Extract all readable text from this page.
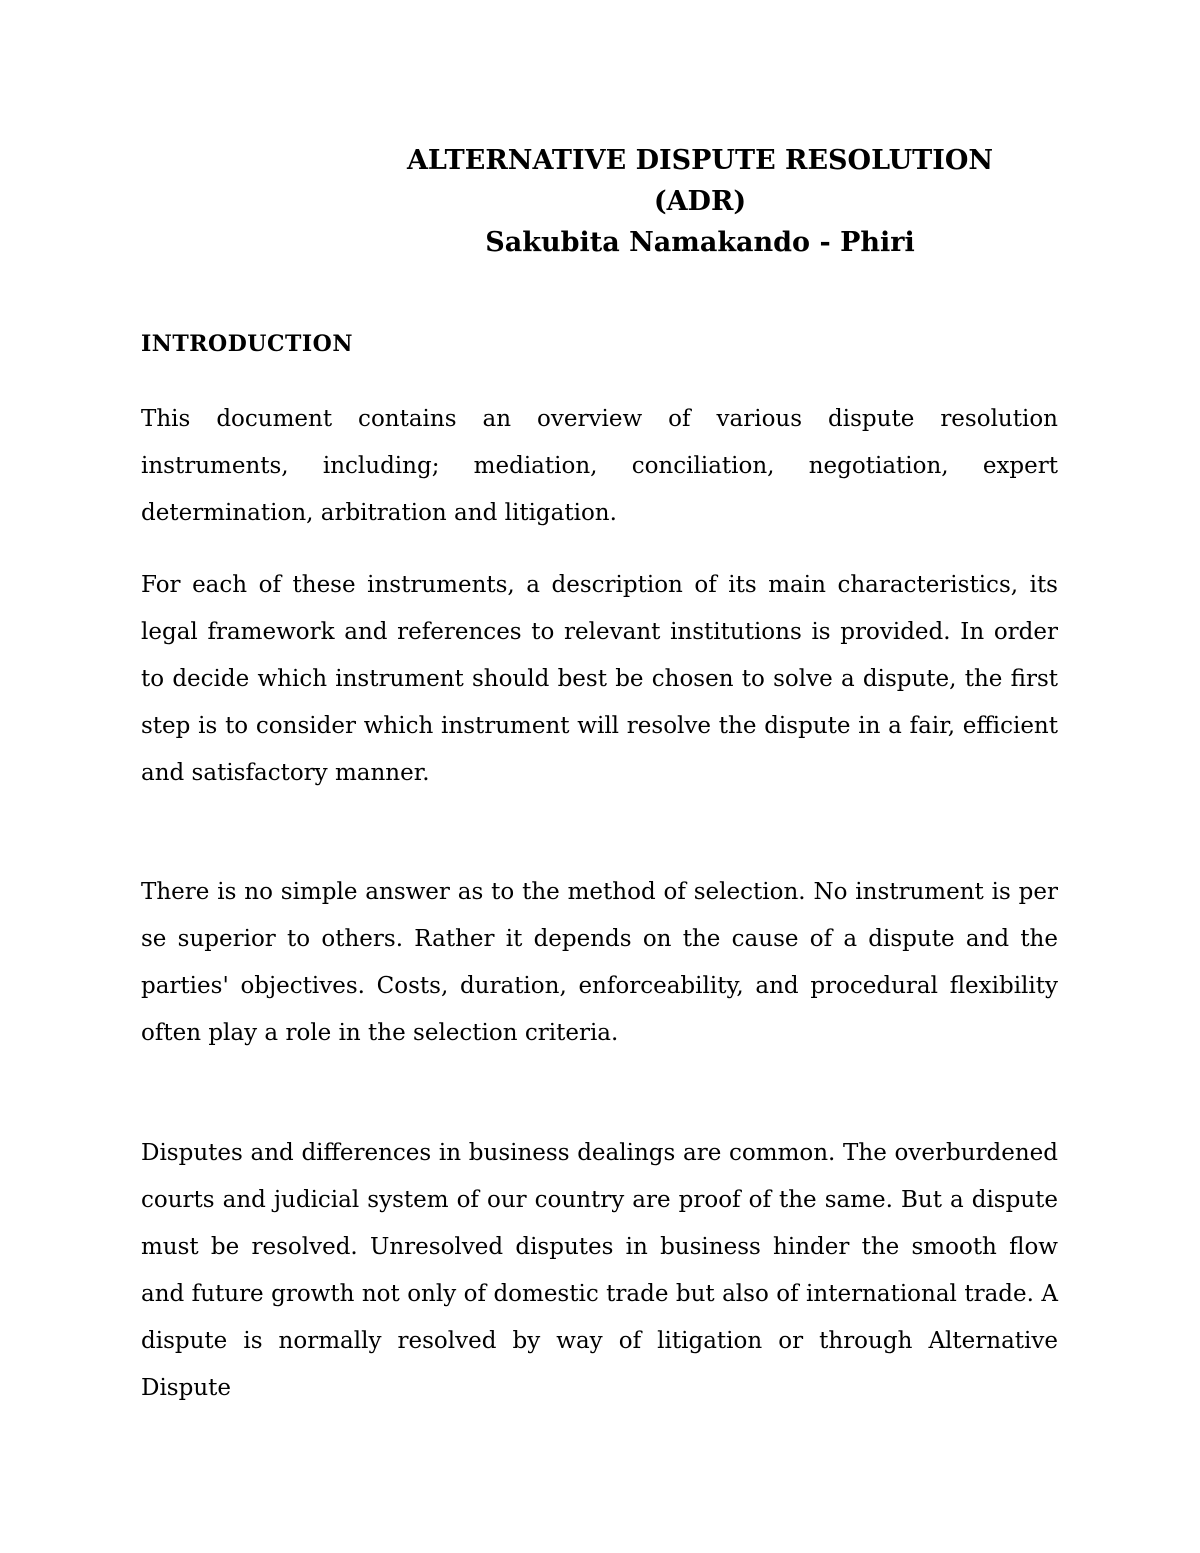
ALTERNATIVE DISPUTE RESOLUTION
(ADR)
Sakubita Namakando - Phiri
INTRODUCTION

This document contains an overview of various dispute resolution instruments, including; mediation, conciliation, negotiation, expert determination, arbitration and litigation.

For each of these instruments, a description of its main characteristics, its legal framework and references to relevant institutions is provided. In order to decide which instrument should best be chosen to solve a dispute, the first step is to consider which instrument will resolve the dispute in a fair, efficient and satisfactory manner.

There is no simple answer as to the method of selection. No instrument is per se superior to others. Rather it depends on the cause of a dispute and the parties' objectives. Costs, duration, enforceability, and procedural flexibility often play a role in the selection criteria.

Disputes and differences in business dealings are common. The overburdened courts and judicial system of our country are proof of the same. But a dispute must be resolved. Unresolved disputes in business hinder the smooth flow and future growth not only of domestic trade but also of international trade. A dispute is normally resolved by way of litigation or through Alternative Dispute
